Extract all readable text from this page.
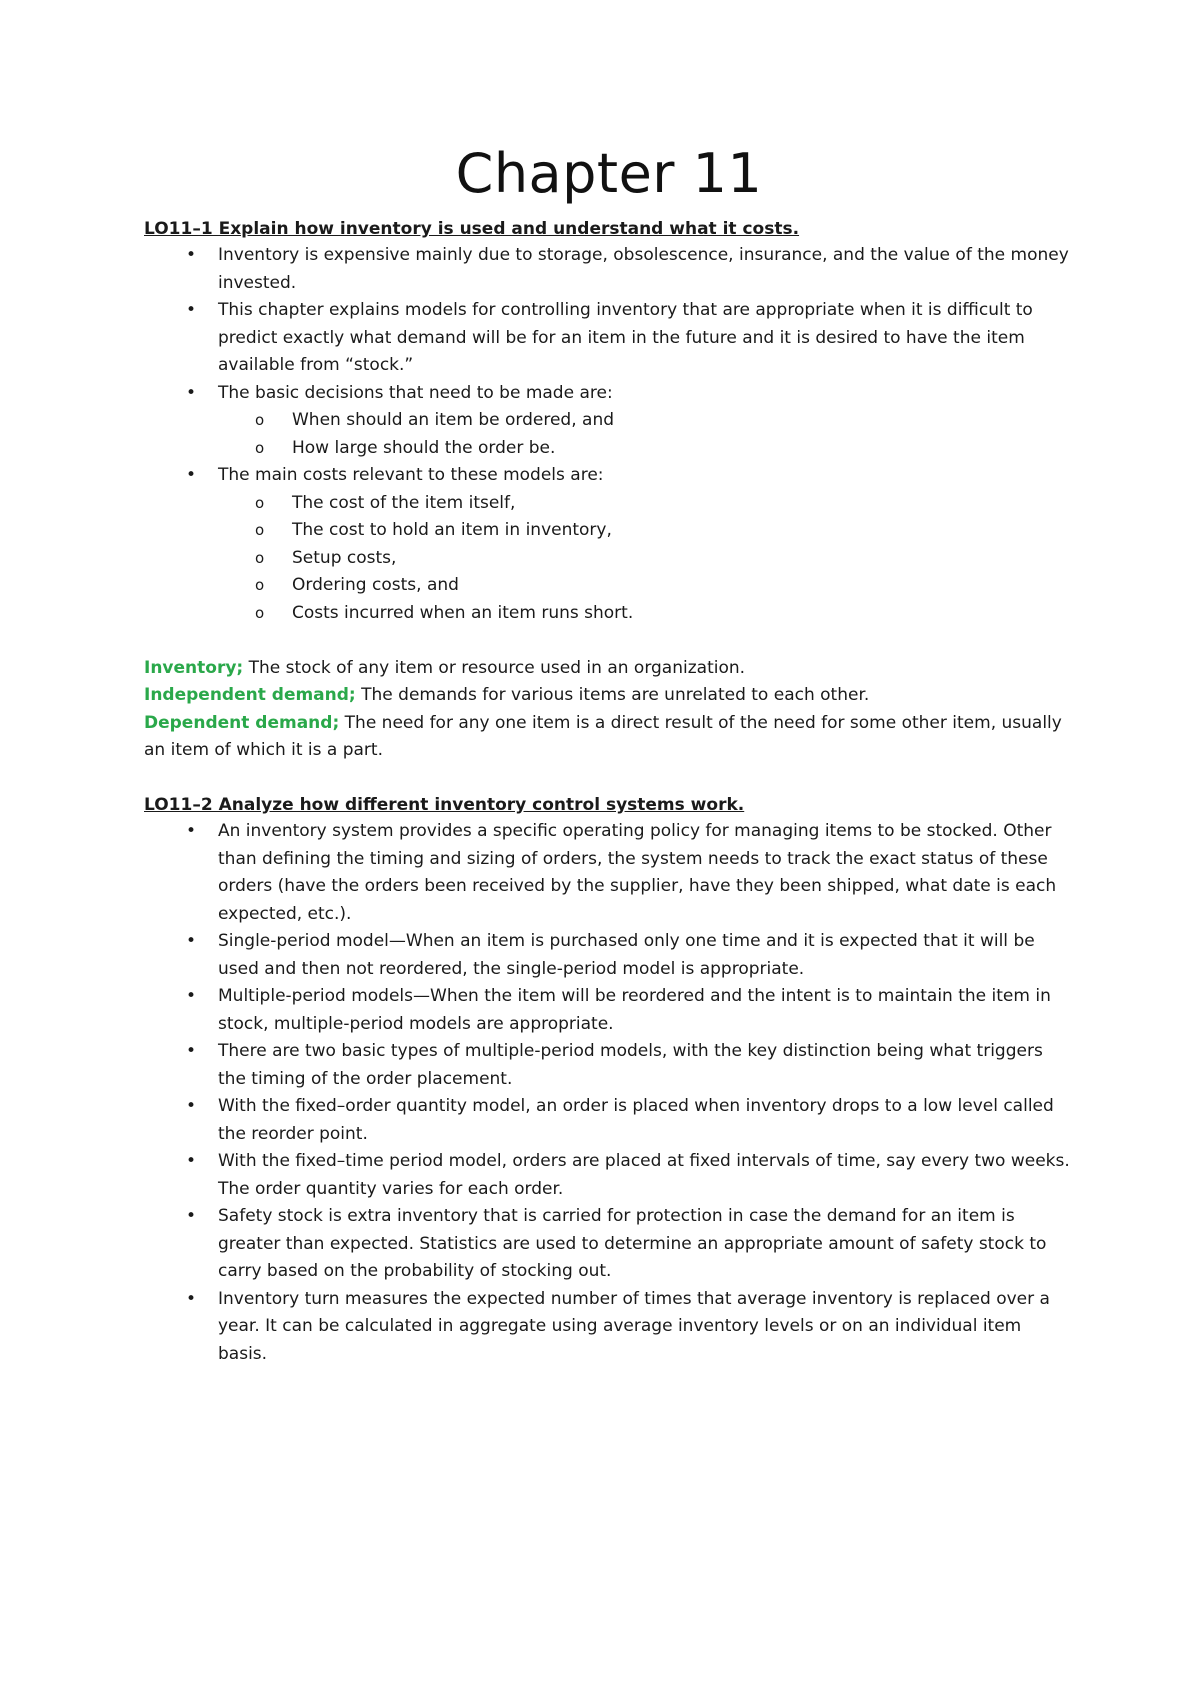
Chapter 11

LO11–1 Explain how inventory is used and understand what it costs.

• Inventory is expensive mainly due to storage, obsolescence, insurance, and the value of the money invested.
• This chapter explains models for controlling inventory that are appropriate when it is difficult to predict exactly what demand will be for an item in the future and it is desired to have the item available from “stock.”
• The basic decisions that need to be made are:
o	When should an item be ordered, and
o	How large should the order be.
• The main costs relevant to these models are:
o	The cost of the item itself,
o	The cost to hold an item in inventory,
o	Setup costs,
o	Ordering costs, and
o	Costs incurred when an item runs short.

Inventory; The stock of any item or resource used in an organization.

Independent demand; The demands for various items are unrelated to each other.

Dependent demand; The need for any one item is a direct result of the need for some other item, usually an item of which it is a part.

LO11–2 Analyze how different inventory control systems work.

• An inventory system provides a specific operating policy for managing items to be stocked. Other than defining the timing and sizing of orders, the system needs to track the exact status of these orders (have the orders been received by the supplier, have they been shipped, what date is each expected, etc.).
• Single-period model—When an item is purchased only one time and it is expected that it will be used and then not reordered, the single-period model is appropriate.
• Multiple-period models—When the item will be reordered and the intent is to maintain the item in stock, multiple-period models are appropriate.
• There are two basic types of multiple-period models, with the key distinction being what triggers the timing of the order placement.
• With the fixed–order quantity model, an order is placed when inventory drops to a low level called the reorder point.
• With the fixed–time period model, orders are placed at fixed intervals of time, say every two weeks. The order quantity varies for each order.
• Safety stock is extra inventory that is carried for protection in case the demand for an item is greater than expected. Statistics are used to determine an appropriate amount of safety stock to carry based on the probability of stocking out.
• Inventory turn measures the expected number of times that average inventory is replaced over a year. It can be calculated in aggregate using average inventory levels or on an individual item basis.
